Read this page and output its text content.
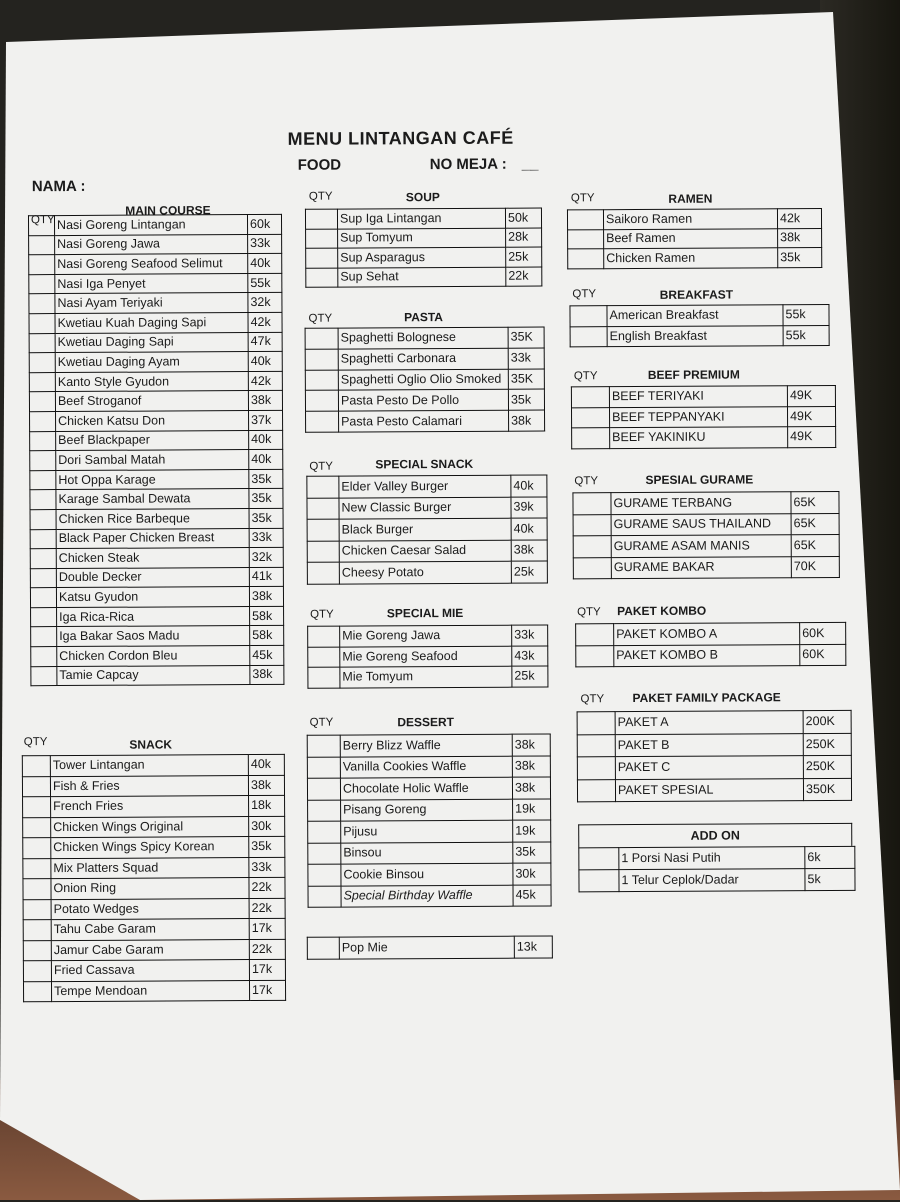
MENU LINTANGAN CAFÉ
FOOD	NO MEJA : __
NAMA :
QTY
MAIN COURSE
	Nasi Goreng Lintangan	60k
	Nasi Goreng Jawa	33k
	Nasi Goreng Seafood Selimut	40k
	Nasi Iga Penyet	55k
	Nasi Ayam Teriyaki	32k
	Kwetiau Kuah Daging Sapi	42k
	Kwetiau Daging Sapi	47k
	Kwetiau Daging Ayam	40k
	Kanto Style Gyudon	42k
	Beef Stroganof	38k
	Chicken Katsu Don	37k
	Beef Blackpaper	40k
	Dori Sambal Matah	40k
	Hot Oppa Karage	35k
	Karage Sambal Dewata	35k
	Chicken Rice Barbeque	35k
	Black Paper Chicken Breast	33k
	Chicken Steak	32k
	Double Decker	41k
	Katsu Gyudon	38k
	Iga Rica-Rica	58k
	Iga Bakar Saos Madu	58k
	Chicken Cordon Bleu	45k
	Tamie Capcay	38k
QTY	SNACK
	Tower Lintangan	40k
	Fish & Fries	38k
	French Fries	18k
	Chicken Wings Original	30k
	Chicken Wings Spicy Korean	35k
	Mix Platters Squad	33k
	Onion Ring	22k
	Potato Wedges	22k
	Tahu Cabe Garam	17k
	Jamur Cabe Garam	22k
	Fried Cassava	17k
	Tempe Mendoan	17k
QTY	SOUP
	Sup Iga Lintangan	50k
	Sup Tomyum	28k
	Sup Asparagus	25k
	Sup Sehat	22k
QTY	PASTA
	Spaghetti Bolognese	35K
	Spaghetti Carbonara	33k
	Spaghetti Oglio Olio Smoked	35K
	Pasta Pesto De Pollo	35k
	Pasta Pesto Calamari	38k
QTY	SPECIAL SNACK
	Elder Valley Burger	40k
	New Classic Burger	39k
	Black Burger	40k
	Chicken Caesar Salad	38k
	Cheesy Potato	25k
QTY	SPECIAL MIE
	Mie Goreng Jawa	33k
	Mie Goreng Seafood	43k
	Mie Tomyum	25k
QTY	DESSERT
	Berry Blizz Waffle	38k
	Vanilla Cookies Waffle	38k
	Chocolate Holic Waffle	38k
	Pisang Goreng	19k
	Pijusu	19k
	Binsou	35k
	Cookie Binsou	30k
	Special Birthday Waffle	45k
	Pop Mie	13k
QTY	RAMEN
	Saikoro Ramen	42k
	Beef Ramen	38k
	Chicken Ramen	35k
QTY	BREAKFAST
	American Breakfast	55k
	English Breakfast	55k
QTY	BEEF PREMIUM
	BEEF TERIYAKI	49K
	BEEF TEPPANYAKI	49K
	BEEF YAKINIKU	49K
QTY	SPESIAL GURAME
	GURAME TERBANG	65K
	GURAME SAUS THAILAND	65K
	GURAME ASAM MANIS	65K
	GURAME BAKAR	70K
QTY PAKET KOMBO
	PAKET KOMBO A	60K
	PAKET KOMBO B	60K
QTY PAKET FAMILY PACKAGE
	PAKET A	200K
	PAKET B	250K
	PAKET C	250K
	PAKET SPESIAL	350K
ADD ON
	1 Porsi Nasi Putih	6k
	1 Telur Ceplok/Dadar	5k
